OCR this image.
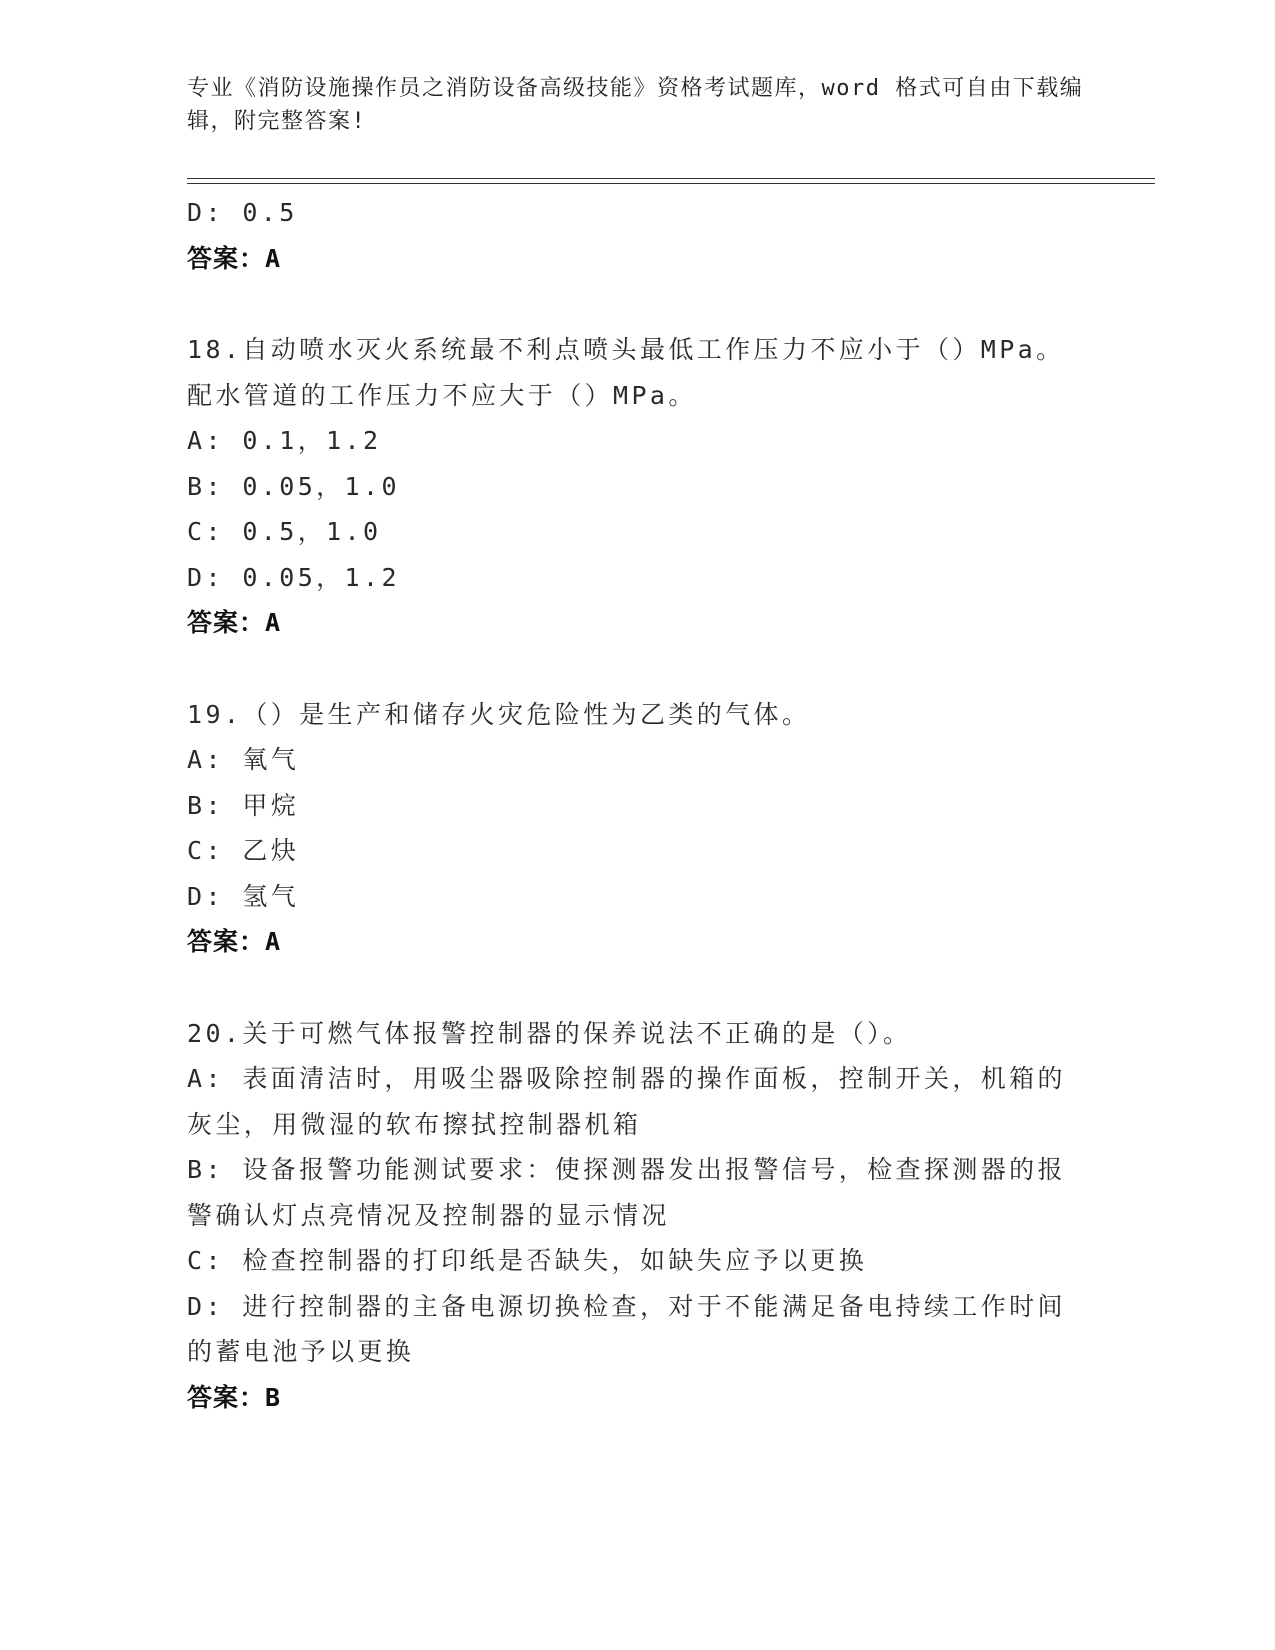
专业《消防设施操作员之消防设备高级技能》资格考试题库，word 格式可自由下载编辑，附完整答案!
D: 0.5
答案：A
18.自动喷水灭火系统最不利点喷头最低工作压力不应小于（）MPa。
配水管道的工作压力不应大于（）MPa。
A: 0.1，1.2
B: 0.05，1.0
C: 0.5，1.0
D: 0.05，1.2
答案：A
19.（）是生产和储存火灾危险性为乙类的气体。
A: 氧气
B: 甲烷
C: 乙炔
D: 氢气
答案：A
20.关于可燃气体报警控制器的保养说法不正确的是（）。
A: 表面清洁时，用吸尘器吸除控制器的操作面板，控制开关，机箱的
灰尘，用微湿的软布擦拭控制器机箱
B: 设备报警功能测试要求：使探测器发出报警信号，检查探测器的报
警确认灯点亮情况及控制器的显示情况
C: 检查控制器的打印纸是否缺失，如缺失应予以更换
D: 进行控制器的主备电源切换检查，对于不能满足备电持续工作时间
的蓄电池予以更换
答案：B
